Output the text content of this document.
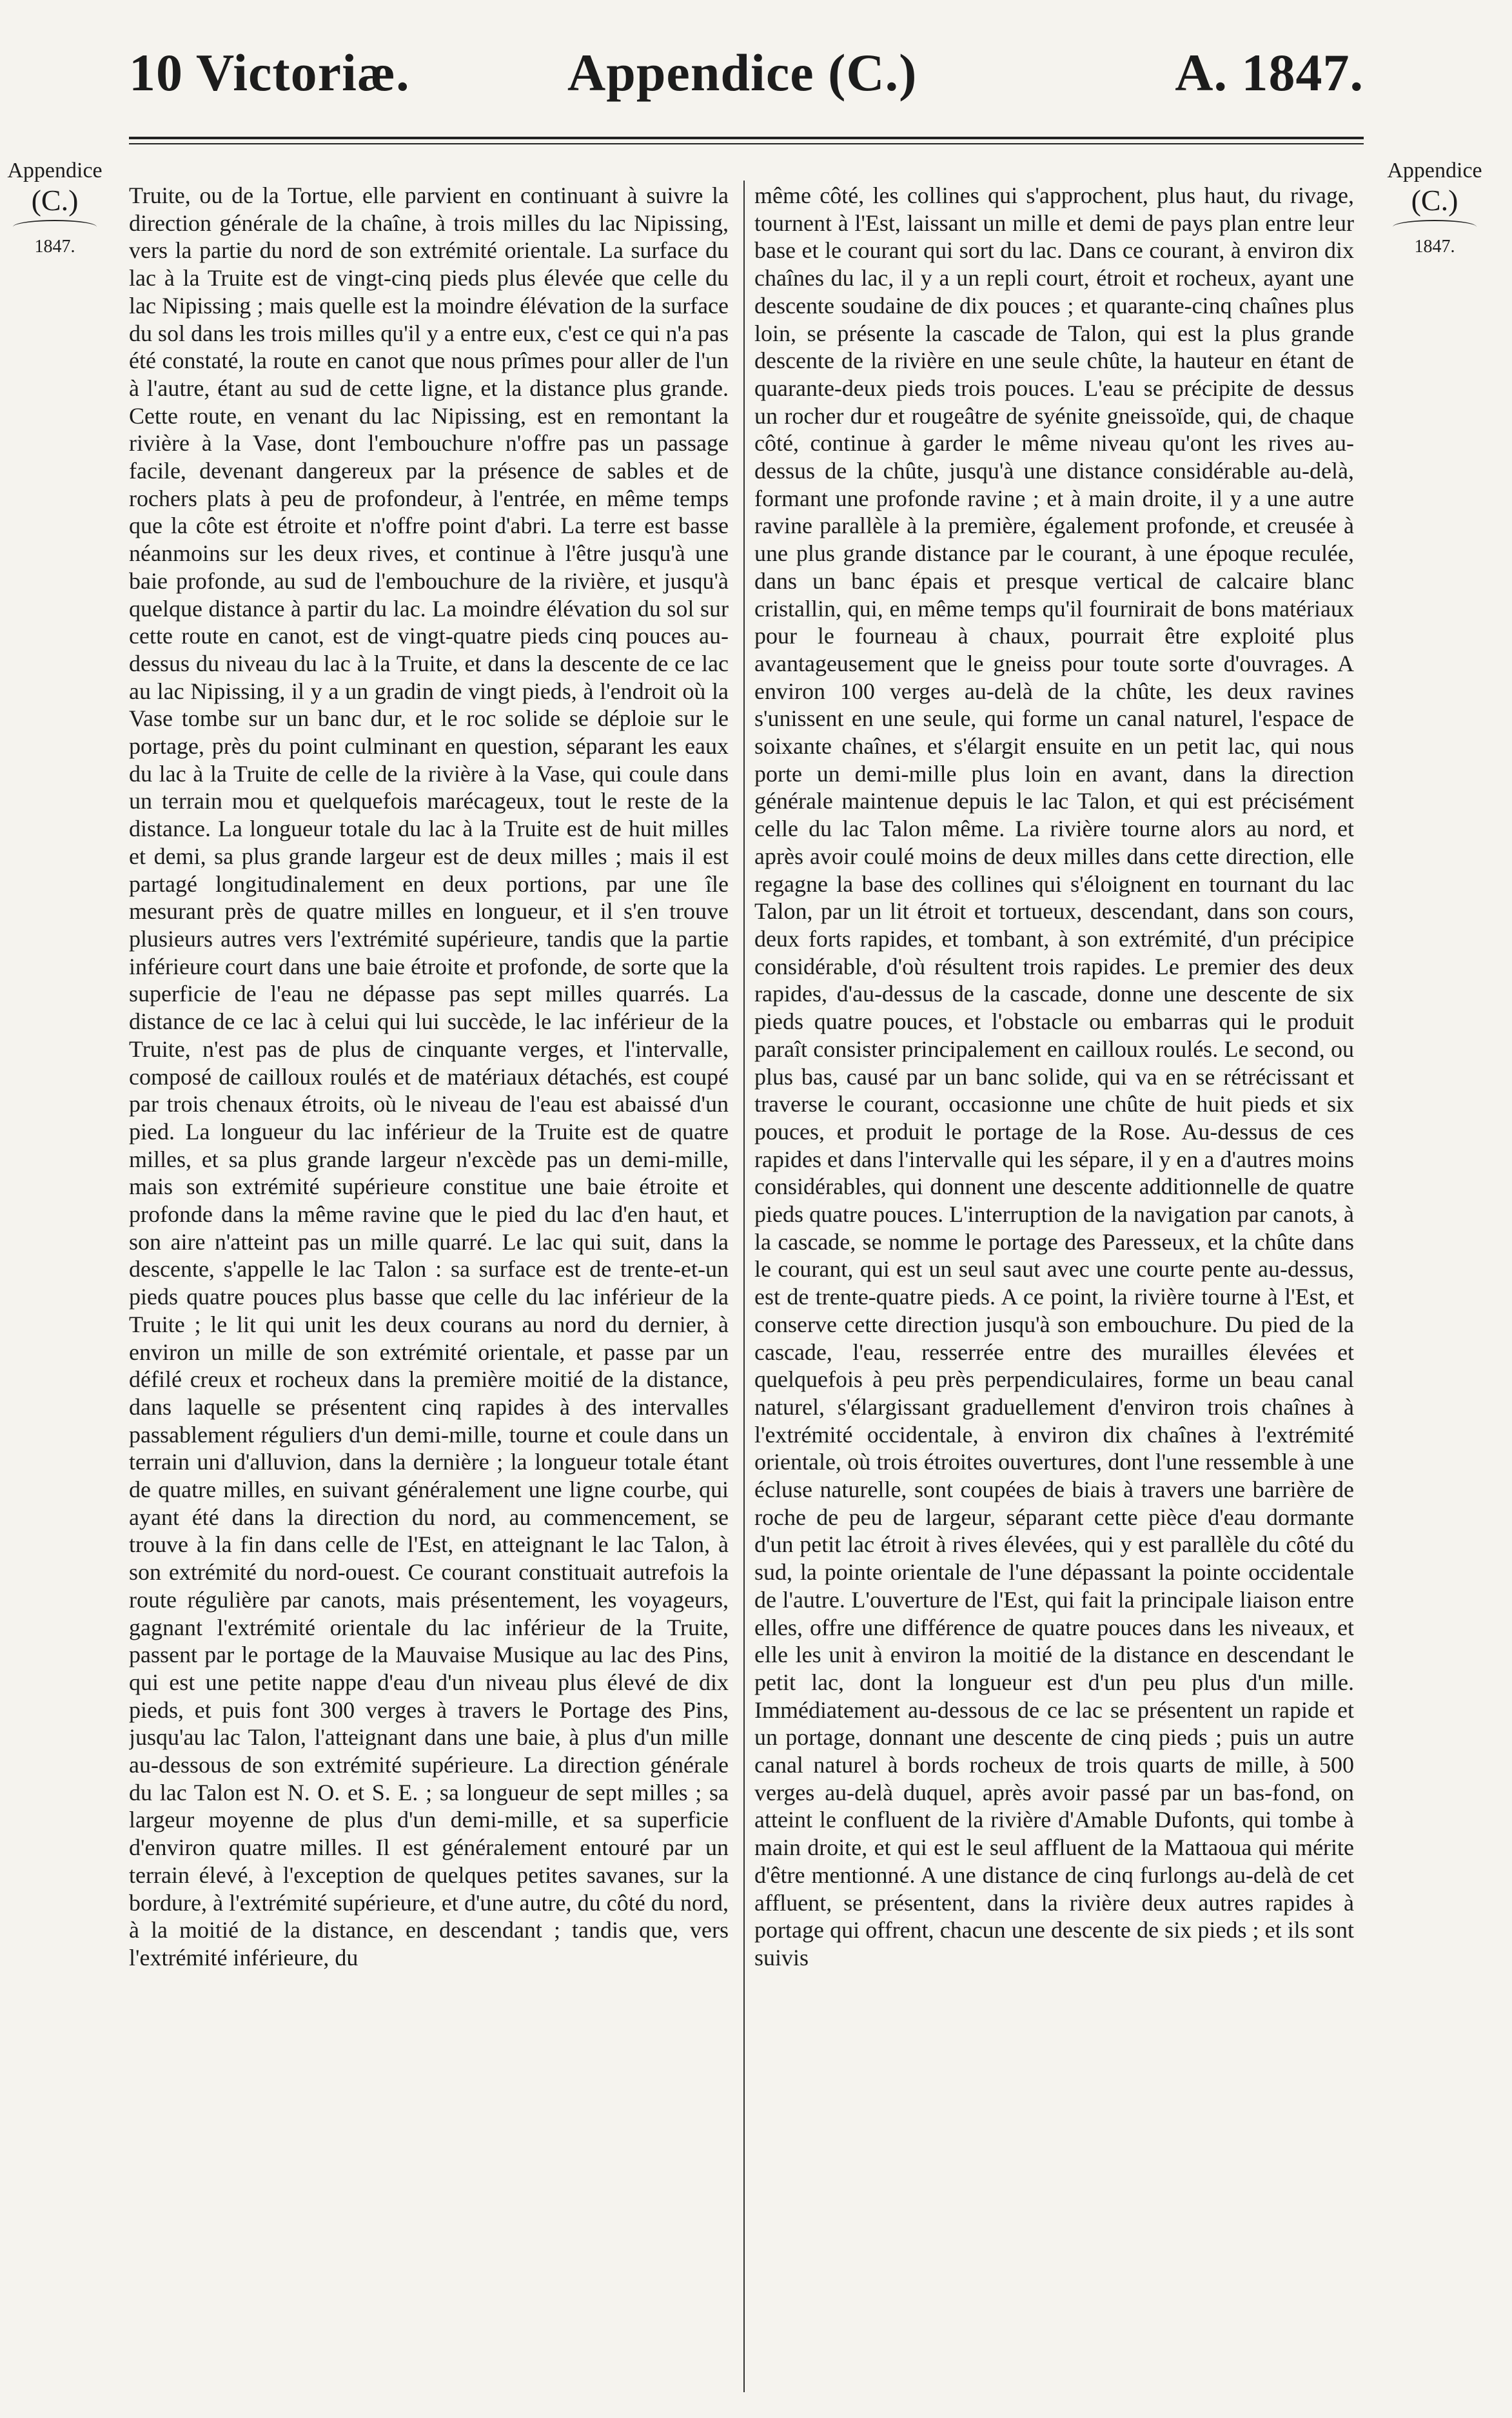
10 Victoriæ.	Appendice (C.)	A. 1847.
Appendice
(C.)
1847.
Appendice
(C.)
1847.

Truite, ou de la Tortue, elle parvient en continuant à suivre la direction générale de la chaîne, à trois milles du lac Nipissing, vers la partie du nord de son extrémité orientale. La surface du lac à la Truite est de vingt-cinq pieds plus élevée que celle du lac Nipissing ; mais quelle est la moindre élévation de la surface du sol dans les trois milles qu'il y a entre eux, c'est ce qui n'a pas été constaté, la route en canot que nous prîmes pour aller de l'un à l'autre, étant au sud de cette ligne, et la distance plus grande. Cette route, en venant du lac Nipissing, est en remontant la rivière à la Vase, dont l'embouchure n'offre pas un passage facile, devenant dangereux par la présence de sables et de rochers plats à peu de profondeur, à l'entrée, en même temps que la côte est étroite et n'offre point d'abri. La terre est basse néanmoins sur les deux rives, et continue à l'être jusqu'à une baie profonde, au sud de l'embouchure de la rivière, et jusqu'à quelque distance à partir du lac. La moindre élévation du sol sur cette route en canot, est de vingt-quatre pieds cinq pouces au-dessus du niveau du lac à la Truite, et dans la descente de ce lac au lac Nipissing, il y a un gradin de vingt pieds, à l'endroit où la Vase tombe sur un banc dur, et le roc solide se déploie sur le portage, près du point culminant en question, séparant les eaux du lac à la Truite de celle de la rivière à la Vase, qui coule dans un terrain mou et quelquefois marécageux, tout le reste de la distance. La longueur totale du lac à la Truite est de huit milles et demi, sa plus grande largeur est de deux milles ; mais il est partagé longitudinalement en deux portions, par une île mesurant près de quatre milles en longueur, et il s'en trouve plusieurs autres vers l'extrémité supérieure, tandis que la partie inférieure court dans une baie étroite et profonde, de sorte que la superficie de l'eau ne dépasse pas sept milles quarrés. La distance de ce lac à celui qui lui succède, le lac inférieur de la Truite, n'est pas de plus de cinquante verges, et l'intervalle, composé de cailloux roulés et de matériaux détachés, est coupé par trois chenaux étroits, où le niveau de l'eau est abaissé d'un pied. La longueur du lac inférieur de la Truite est de quatre milles, et sa plus grande largeur n'excède pas un demi-mille, mais son extrémité supérieure constitue une baie étroite et profonde dans la même ravine que le pied du lac d'en haut, et son aire n'atteint pas un mille quarré. Le lac qui suit, dans la descente, s'appelle le lac Talon : sa surface est de trente-et-un pieds quatre pouces plus basse que celle du lac inférieur de la Truite ; le lit qui unit les deux courans au nord du dernier, à environ un mille de son extrémité orientale, et passe par un défilé creux et rocheux dans la première moitié de la distance, dans laquelle se présentent cinq rapides à des intervalles passablement réguliers d'un demi-mille, tourne et coule dans un terrain uni d'alluvion, dans la dernière ; la longueur totale étant de quatre milles, en suivant généralement une ligne courbe, qui ayant été dans la direction du nord, au commencement, se trouve à la fin dans celle de l'Est, en atteignant le lac Talon, à son extrémité du nord-ouest. Ce courant constituait autrefois la route régulière par canots, mais présentement, les voyageurs, gagnant l'extrémité orientale du lac inférieur de la Truite, passent par le portage de la Mauvaise Musique au lac des Pins, qui est une petite nappe d'eau d'un niveau plus élevé de dix pieds, et puis font 300 verges à travers le Portage des Pins, jusqu'au lac Talon, l'atteignant dans une baie, à plus d'un mille au-dessous de son extrémité supérieure. La direction générale du lac Talon est N. O. et S. E. ; sa longueur de sept milles ; sa largeur moyenne de plus d'un demi-mille, et sa superficie d'environ quatre milles. Il est généralement entouré par un terrain élevé, à l'exception de quelques petites savanes, sur la bordure, à l'extrémité supérieure, et d'une autre, du côté du nord, à la moitié de la distance, en descendant ; tandis que, vers l'extrémité inférieure, du

même côté, les collines qui s'approchent, plus haut, du rivage, tournent à l'Est, laissant un mille et demi de pays plan entre leur base et le courant qui sort du lac. Dans ce courant, à environ dix chaînes du lac, il y a un repli court, étroit et rocheux, ayant une descente soudaine de dix pouces ; et quarante-cinq chaînes plus loin, se présente la cascade de Talon, qui est la plus grande descente de la rivière en une seule chûte, la hauteur en étant de quarante-deux pieds trois pouces. L'eau se précipite de dessus un rocher dur et rougeâtre de syénite gneissoïde, qui, de chaque côté, continue à garder le même niveau qu'ont les rives au-dessus de la chûte, jusqu'à une distance considérable au-delà, formant une profonde ravine ; et à main droite, il y a une autre ravine parallèle à la première, également profonde, et creusée à une plus grande distance par le courant, à une époque reculée, dans un banc épais et presque vertical de calcaire blanc cristallin, qui, en même temps qu'il fournirait de bons matériaux pour le fourneau à chaux, pourrait être exploité plus avantageusement que le gneiss pour toute sorte d'ouvrages. A environ 100 verges au-delà de la chûte, les deux ravines s'unissent en une seule, qui forme un canal naturel, l'espace de soixante chaînes, et s'élargit ensuite en un petit lac, qui nous porte un demi-mille plus loin en avant, dans la direction générale maintenue depuis le lac Talon, et qui est précisément celle du lac Talon même. La rivière tourne alors au nord, et après avoir coulé moins de deux milles dans cette direction, elle regagne la base des collines qui s'éloignent en tournant du lac Talon, par un lit étroit et tortueux, descendant, dans son cours, deux forts rapides, et tombant, à son extrémité, d'un précipice considérable, d'où résultent trois rapides. Le premier des deux rapides, d'au-dessus de la cascade, donne une descente de six pieds quatre pouces, et l'obstacle ou embarras qui le produit paraît consister principalement en cailloux roulés. Le second, ou plus bas, causé par un banc solide, qui va en se rétrécissant et traverse le courant, occasionne une chûte de huit pieds et six pouces, et produit le portage de la Rose. Au-dessus de ces rapides et dans l'intervalle qui les sépare, il y en a d'autres moins considérables, qui donnent une descente additionnelle de quatre pieds quatre pouces. L'interruption de la navigation par canots, à la cascade, se nomme le portage des Paresseux, et la chûte dans le courant, qui est un seul saut avec une courte pente au-dessus, est de trente-quatre pieds. A ce point, la rivière tourne à l'Est, et conserve cette direction jusqu'à son embouchure. Du pied de la cascade, l'eau, resserrée entre des murailles élevées et quelquefois à peu près perpendiculaires, forme un beau canal naturel, s'élargissant graduellement d'environ trois chaînes à l'extrémité occidentale, à environ dix chaînes à l'extrémité orientale, où trois étroites ouvertures, dont l'une ressemble à une écluse naturelle, sont coupées de biais à travers une barrière de roche de peu de largeur, séparant cette pièce d'eau dormante d'un petit lac étroit à rives élevées, qui y est parallèle du côté du sud, la pointe orientale de l'une dépassant la pointe occidentale de l'autre. L'ouverture de l'Est, qui fait la principale liaison entre elles, offre une différence de quatre pouces dans les niveaux, et elle les unit à environ la moitié de la distance en descendant le petit lac, dont la longueur est d'un peu plus d'un mille. Immédiatement au-dessous de ce lac se présentent un rapide et un portage, donnant une descente de cinq pieds ; puis un autre canal naturel à bords rocheux de trois quarts de mille, à 500 verges au-delà duquel, après avoir passé par un bas-fond, on atteint le confluent de la rivière d'Amable Dufonts, qui tombe à main droite, et qui est le seul affluent de la Mattaoua qui mérite d'être mentionné. A une distance de cinq furlongs au-delà de cet affluent, se présentent, dans la rivière deux autres rapides à portage qui offrent, chacun une descente de six pieds ; et ils sont suivis
